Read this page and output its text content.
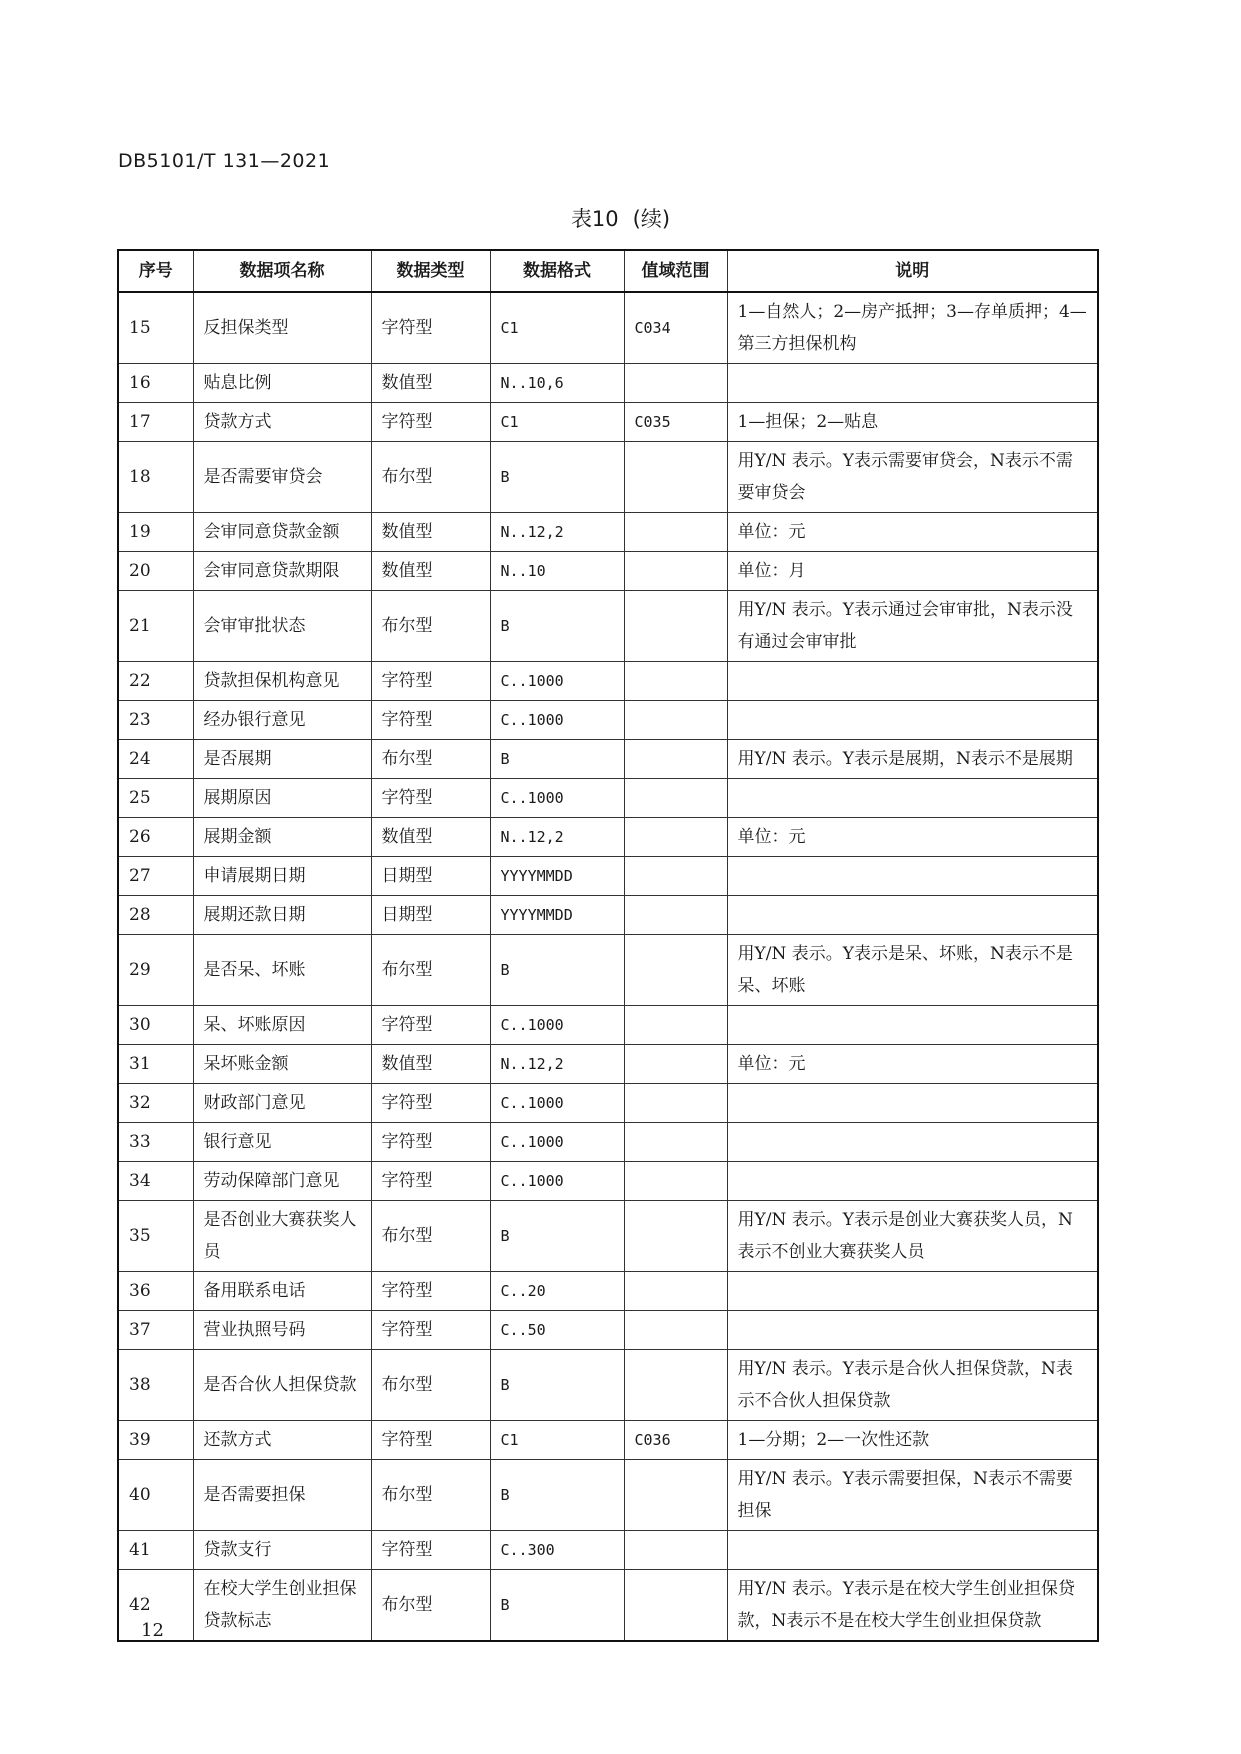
DB5101/T 131—2021
表10 (续)
序号	数据项名称	数据类型	数据格式	值域范围	说明
15	反担保类型	字符型	C1	C034	1—自然人；2—房产抵押；3—存单质押；4—第三方担保机构
16	贴息比例	数值型	N..10,6		
17	贷款方式	字符型	C1	C035	1—担保；2—贴息
18	是否需要审贷会	布尔型	B		用Y/N 表示。Y表示需要审贷会，N表示不需要审贷会
19	会审同意贷款金额	数值型	N..12,2		单位：元
20	会审同意贷款期限	数值型	N..10		单位：月
21	会审审批状态	布尔型	B		用Y/N 表示。Y表示通过会审审批，N表示没有通过会审审批
22	贷款担保机构意见	字符型	C..1000		
23	经办银行意见	字符型	C..1000		
24	是否展期	布尔型	B		用Y/N 表示。Y表示是展期，N表示不是展期
25	展期原因	字符型	C..1000		
26	展期金额	数值型	N..12,2		单位：元
27	申请展期日期	日期型	YYYYMMDD		
28	展期还款日期	日期型	YYYYMMDD		
29	是否呆、坏账	布尔型	B		用Y/N 表示。Y表示是呆、坏账，N表示不是呆、坏账
30	呆、坏账原因	字符型	C..1000		
31	呆坏账金额	数值型	N..12,2		单位：元
32	财政部门意见	字符型	C..1000		
33	银行意见	字符型	C..1000		
34	劳动保障部门意见	字符型	C..1000		
35	是否创业大赛获奖人员	布尔型	B		用Y/N 表示。Y表示是创业大赛获奖人员，N表示不创业大赛获奖人员
36	备用联系电话	字符型	C..20		
37	营业执照号码	字符型	C..50		
38	是否合伙人担保贷款	布尔型	B		用Y/N 表示。Y表示是合伙人担保贷款，N表示不合伙人担保贷款
39	还款方式	字符型	C1	C036	1—分期；2—一次性还款
40	是否需要担保	布尔型	B		用Y/N 表示。Y表示需要担保，N表示不需要担保
41	贷款支行	字符型	C..300		
42	在校大学生创业担保贷款标志	布尔型	B		用Y/N 表示。Y表示是在校大学生创业担保贷款，N表示不是在校大学生创业担保贷款
12
